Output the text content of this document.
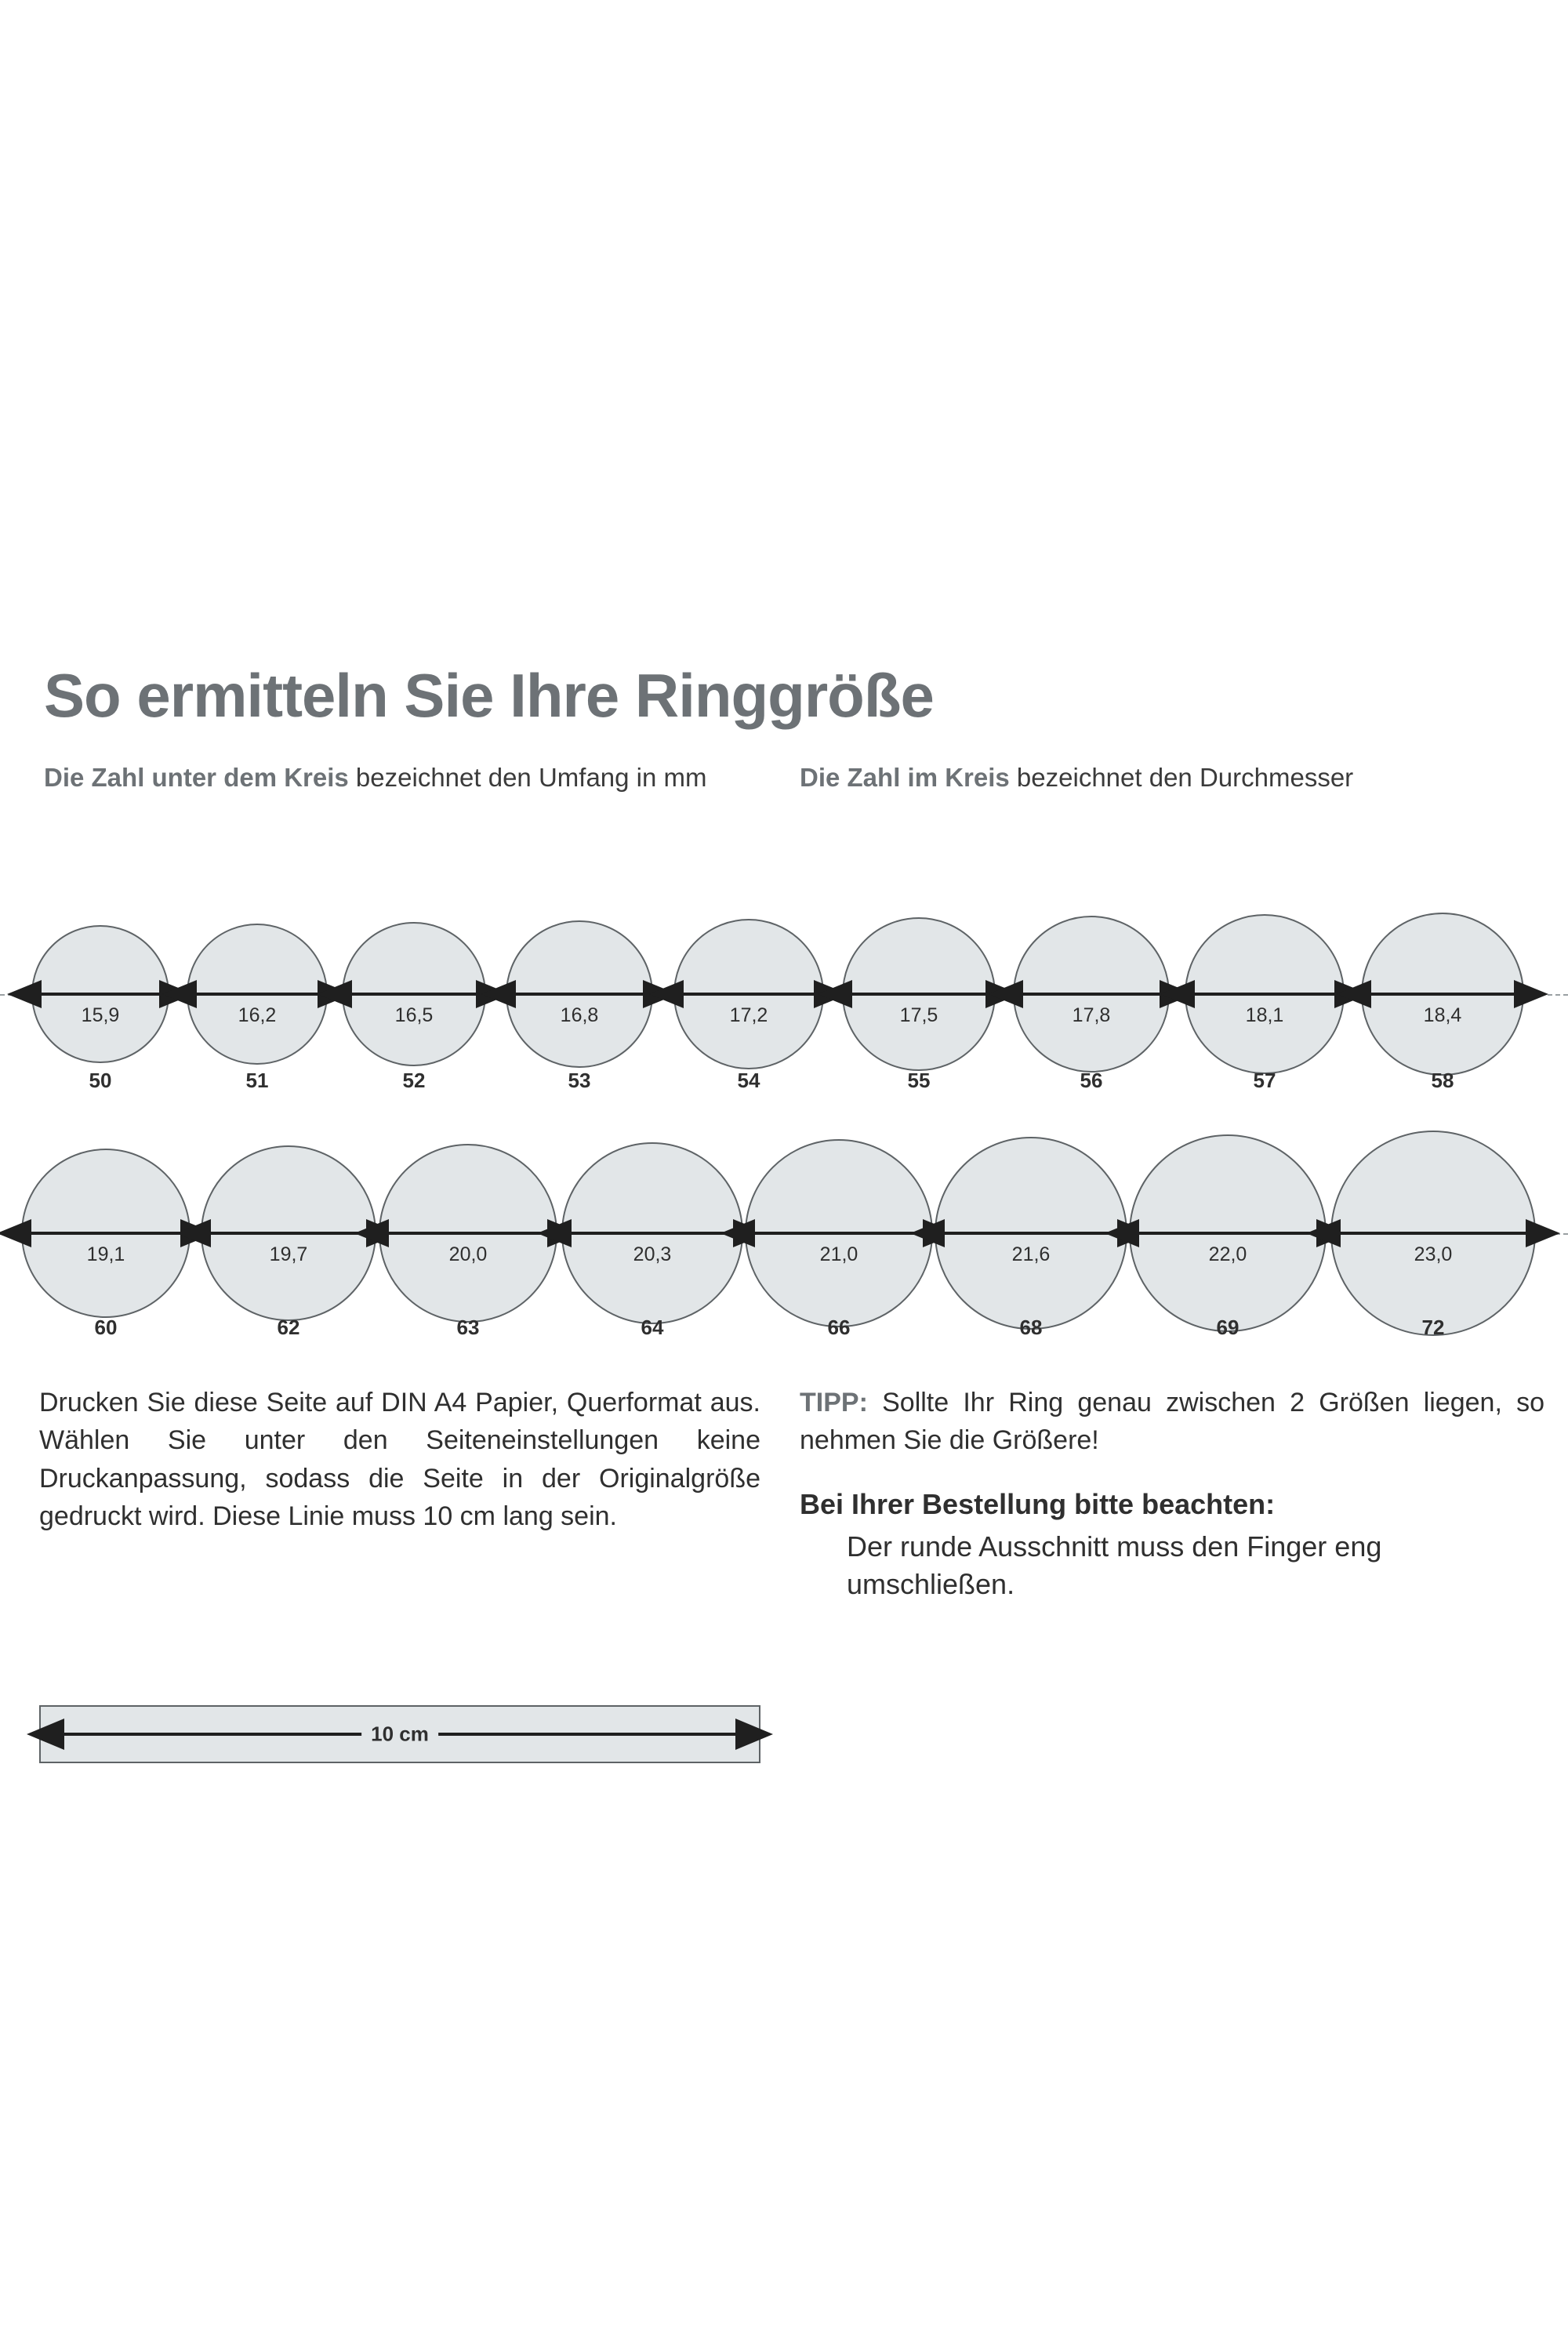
So ermitteln Sie Ihre Ringgröße
Die Zahl unter dem Kreis bezeichnet den Umfang in mm	Die Zahl im Kreis bezeichnet den Durchmesser
15,9
50
16,2
51
16,5
52
16,8
53
17,2
54
17,5
55
17,8
56
18,1
57
18,4
58
19,1
60
19,7
62
20,0
63
20,3
64
21,0
66
21,6
68
22,0
69
23,0
72

Drucken Sie diese Seite auf DIN A4 Papier, Querformat aus. Wählen Sie unter den Seiteneinstellungen keine Druckanpassung, sodass die Seite in der Originalgröße gedruckt wird. Diese Linie muss 10 cm lang sein.

TIPP: Sollte Ihr Ring genau zwischen 2 Größen liegen, so nehmen Sie die Größere!
Bei Ihrer Bestellung bitte beachten:
Der runde Ausschnitt muss den Finger eng umschließen.
10 cm
